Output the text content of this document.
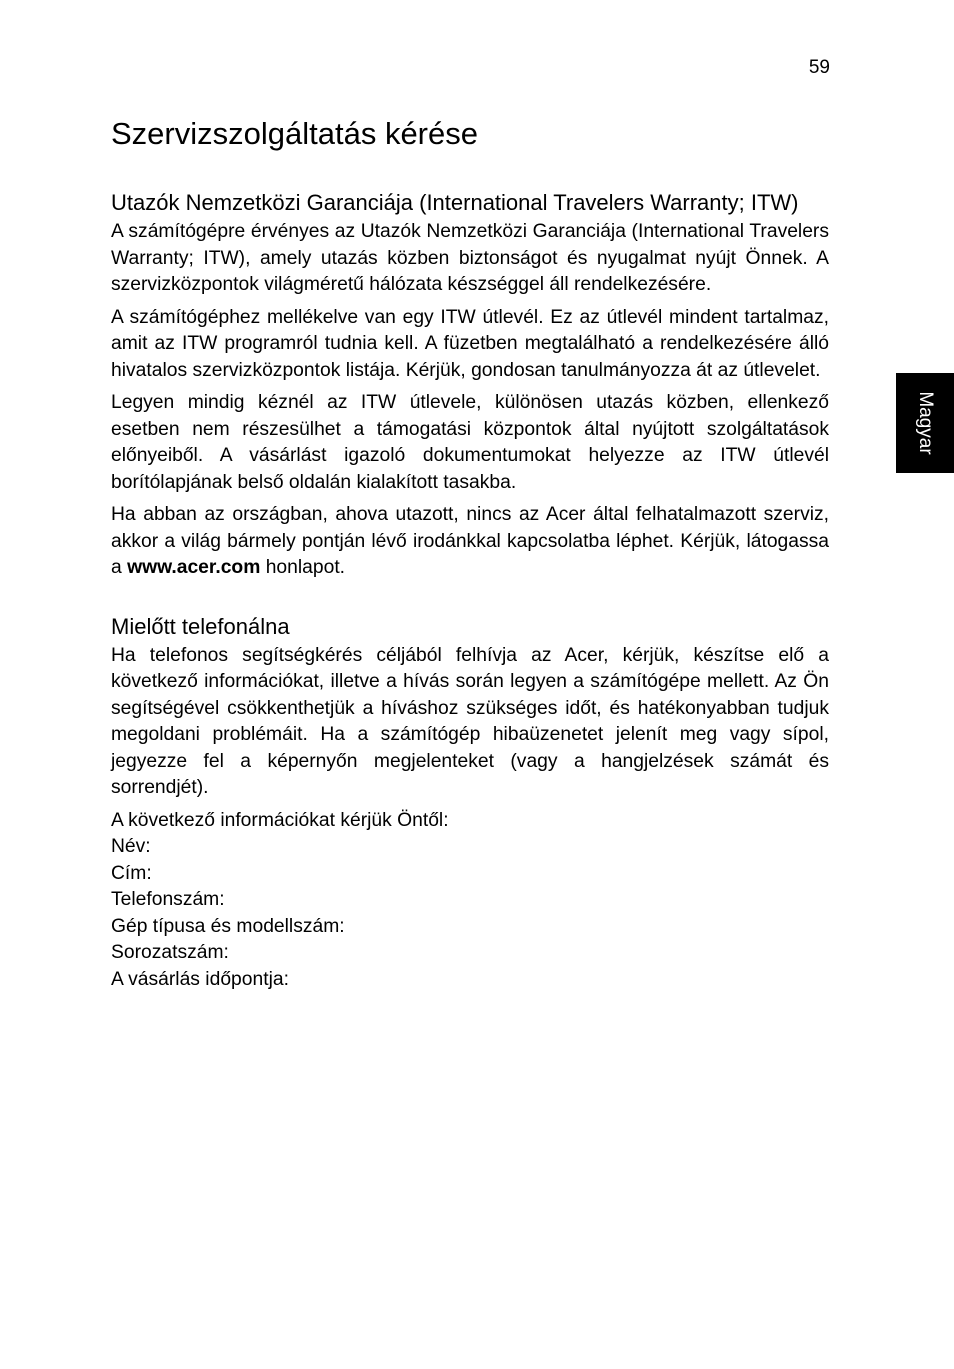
59
Magyar
Szervizszolgáltatás kérése
Utazók Nemzetközi Garanciája (International Travelers Warranty; ITW)

A számítógépre érvényes az Utazók Nemzetközi Garanciája (International Travelers Warranty; ITW), amely utazás közben biztonságot és nyugalmat nyújt Önnek. A szervizközpontok világméretű hálózata készséggel áll rendelkezésére.

A számítógéphez mellékelve van egy ITW útlevél. Ez az útlevél mindent tartalmaz, amit az ITW programról tudnia kell. A füzetben megtalálható a rendelkezésére álló hivatalos szervizközpontok listája. Kérjük, gondosan tanulmányozza át az útlevelet.

Legyen mindig kéznél az ITW útlevele, különösen utazás közben, ellenkező esetben nem részesülhet a támogatási központok által nyújtott szolgáltatások előnyeiből. A vásárlást igazoló dokumentumokat helyezze az ITW útlevél borítólapjának belső oldalán kialakított tasakba.

Ha abban az országban, ahova utazott, nincs az Acer által felhatalmazott szerviz, akkor a világ bármely pontján lévő irodánkkal kapcsolatba léphet. Kérjük, látogassa a www.acer.com honlapot.

Mielőtt telefonálna

Ha telefonos segítségkérés céljából felhívja az Acer, kérjük, készítse elő a következő információkat, illetve a hívás során legyen a számítógépe mellett. Az Ön segítségével csökkenthetjük a híváshoz szükséges időt, és hatékonyabban tudjuk megoldani problémáit. Ha a számítógép hibaüzenetet jelenít meg vagy sípol, jegyezze fel a képernyőn megjelenteket (vagy a hangjelzések számát és sorrendjét).

A következő információkat kérjük Öntől:
Név:
Cím:
Telefonszám:
Gép típusa és modellszám:
Sorozatszám:
A vásárlás időpontja:
